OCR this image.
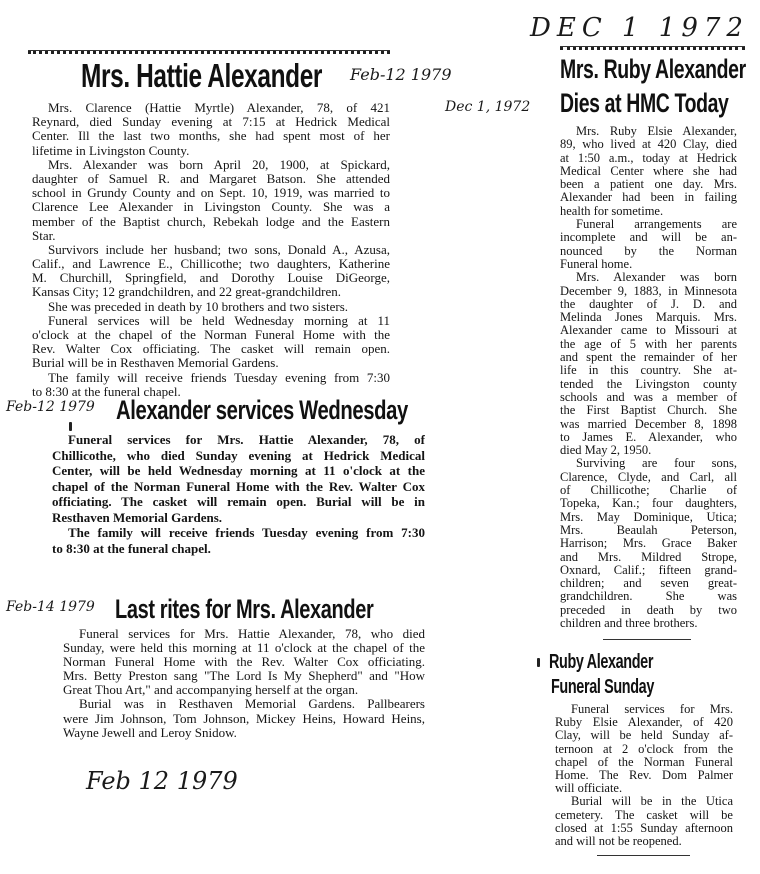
Mrs. Hattie Alexander Feb-12 1979
Mrs. Clarence (Hattie Myrtle) Alexander, 78, of 421
Reynard, died Sunday evening at 7:15 at Hedrick Medical
Center. Ill the last two months, she had spent most of her
lifetime in Livingston County.
Mrs. Alexander was born April 20, 1900, at Spickard,
daughter of Samuel R. and Margaret Batson. She attended
school in Grundy County and on Sept. 10, 1919, was married to
Clarence Lee Alexander in Livingston County. She was a
member of the Baptist church, Rebekah lodge and the Eastern
Star.
Survivors include her husband; two sons, Donald A., Azusa,
Calif., and Lawrence E., Chillicothe; two daughters, Katherine
M. Churchill, Springfield, and Dorothy Louise DiGeorge,
Kansas City; 12 grandchildren, and 22 great-grandchildren.
She was preceded in death by 10 brothers and two sisters.
Funeral services will be held Wednesday morning at 11
o'clock at the chapel of the Norman Funeral Home with the
Rev. Walter Cox officiating. The casket will remain open.
Burial will be in Resthaven Memorial Gardens.
The family will receive friends Tuesday evening from 7:30
to 8:30 at the funeral chapel.
Feb-12 1979 Alexander services Wednesday
Funeral services for Mrs. Hattie Alexander, 78, of
Chillicothe, who died Sunday evening at Hedrick Medical
Center, will be held Wednesday morning at 11 o'clock at the
chapel of the Norman Funeral Home with the Rev. Walter Cox
officiating. The casket will remain open. Burial will be in
Resthaven Memorial Gardens.
The family will receive friends Tuesday evening from 7:30
to 8:30 at the funeral chapel.
Feb-14 1979 Last rites for Mrs. Alexander
Funeral services for Mrs. Hattie Alexander, 78, who died
Sunday, were held this morning at 11 o'clock at the chapel of the
Norman Funeral Home with the Rev. Walter Cox officiating.
Mrs. Betty Preston sang "The Lord Is My Shepherd" and "How
Great Thou Art," and accompanying herself at the organ.
Burial was in Resthaven Memorial Gardens. Pallbearers
were Jim Johnson, Tom Johnson, Mickey Heins, Howard Heins,
Wayne Jewell and Leroy Snidow.
Feb 12 1979
DEC 1 1972
Mrs. Ruby Alexander
Dies at HMC Today
Dec 1, 1972
Mrs. Ruby Elsie Alexander,
89, who lived at 420 Clay, died
at 1:50 a.m., today at Hedrick
Medical Center where she had
been a patient one day. Mrs.
Alexander had been in failing
health for sometime.
Funeral arrangements are
incomplete and will be an-
nounced by the Norman
Funeral home.
Mrs. Alexander was born
December 9, 1883, in Minnesota
the daughter of J. D. and
Melinda Jones Marquis. Mrs.
Alexander came to Missouri at
the age of 5 with her parents
and spent the remainder of her
life in this country. She at-
tended the Livingston county
schools and was a member of
the First Baptist Church. She
was married December 8, 1898
to James E. Alexander, who
died May 2, 1950.
Surviving are four sons,
Clarence, Clyde, and Carl, all
of Chillicothe; Charlie of
Topeka, Kan.; four daughters,
Mrs. May Dominique, Utica;
Mrs. Beaulah Peterson,
Harrison; Mrs. Grace Baker
and Mrs. Mildred Strope,
Oxnard, Calif.; fifteen grand-
children; and seven great-
grandchildren. She was
preceded in death by two
children and three brothers.
Ruby Alexander
Funeral Sunday
Funeral services for Mrs.
Ruby Elsie Alexander, of 420
Clay, will be held Sunday af-
ternoon at 2 o'clock from the
chapel of the Norman Funeral
Home. The Rev. Dom Palmer
will officiate.
Burial will be in the Utica
cemetery. The casket will be
closed at 1:55 Sunday afternoon
and will not be reopened.
